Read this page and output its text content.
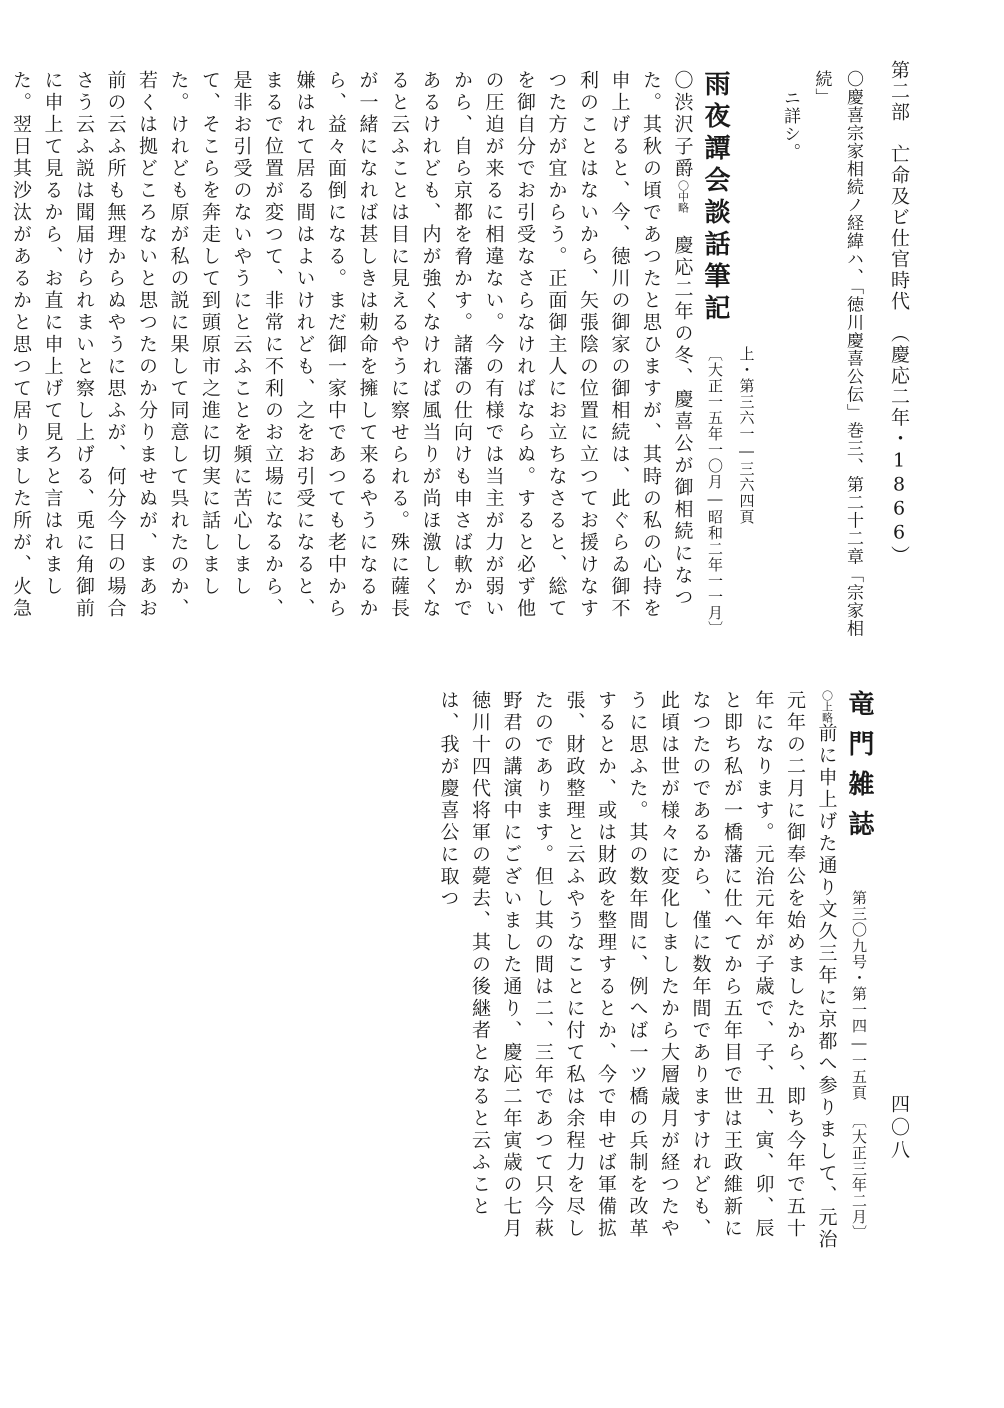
第二部　亡命及ビ仕官時代　（慶応二年・1866）
四〇八

〇慶喜宗家相続ノ経緯ハ、「徳川慶喜公伝」巻三、第二十二章「宗家相続」
ニ詳シ。

雨夜譚会談話筆記上・第三六一―三六四頁
〔大正一五年一〇月―昭和二年一一月〕

〇渋沢子爵〇中略　慶応二年の冬、慶喜公が御相続になつた。其秋の頃であつたと思ひますが、其時の私の心持を申上げると、今、徳川の御家の御相続は、此ぐらゐ御不利のことはないから、矢張陰の位置に立つてお援けなすつた方が宜からう。正面御主人にお立ちなさると、総てを御自分でお引受なさらなければならぬ。すると必ず他の圧迫が来るに相違ない。今の有様では当主が力が弱いから、自ら京都を脅かす。諸藩の仕向けも申さば軟かであるけれども、内が強くなければ風当りが尚ほ激しくなると云ふことは目に見えるやうに察せられる。殊に薩長が一緒になれば甚しきは勅命を擁して来るやうになるから、益々面倒になる。まだ御一家中であつても老中から嫌はれて居る間はよいけれども、之をお引受になると、まるで位置が変つて、非常に不利のお立場になるから、是非お引受のないやうにと云ふことを頻に苦心しまして、そこらを奔走して到頭原市之進に切実に話しました。けれども原が私の説に果して同意して呉れたのか、若くは拠どころないと思つたのか分りませぬが、まあお前の云ふ所も無理からぬやうに思ふが、何分今日の場合さう云ふ説は聞届けられまいと察し上げる、兎に角御前に申上て見るから、お直に申上げて見ろと言はれました。翌日其沙汰があるかと思つて居りました所が、火急

竜門雑誌第三〇九号・第一四―一五頁〔大正三年二月〕

〇上略前に申上げた通り文久三年に京都へ参りまして、元治元年の二月に御奉公を始めましたから、即ち今年で五十年になります。元治元年が子歳で、子、丑、寅、卯、辰と即ち私が一橋藩に仕へてから五年目で世は王政維新になつたのであるから、僅に数年間でありますけれども、此頃は世が様々に変化しましたから大層歳月が経つたやうに思ふた。其の数年間に、例へば一ツ橋の兵制を改革するとか、或は財政を整理するとか、今で申せば軍備拡張、財政整理と云ふやうなことに付て私は余程力を尽したのであります。但し其の間は二、三年であつて只今萩野君の講演中にございました通り、慶応二年寅歳の七月徳川十四代将軍の薨去、其の後継者となると云ふことは、我が慶喜公に取つ
